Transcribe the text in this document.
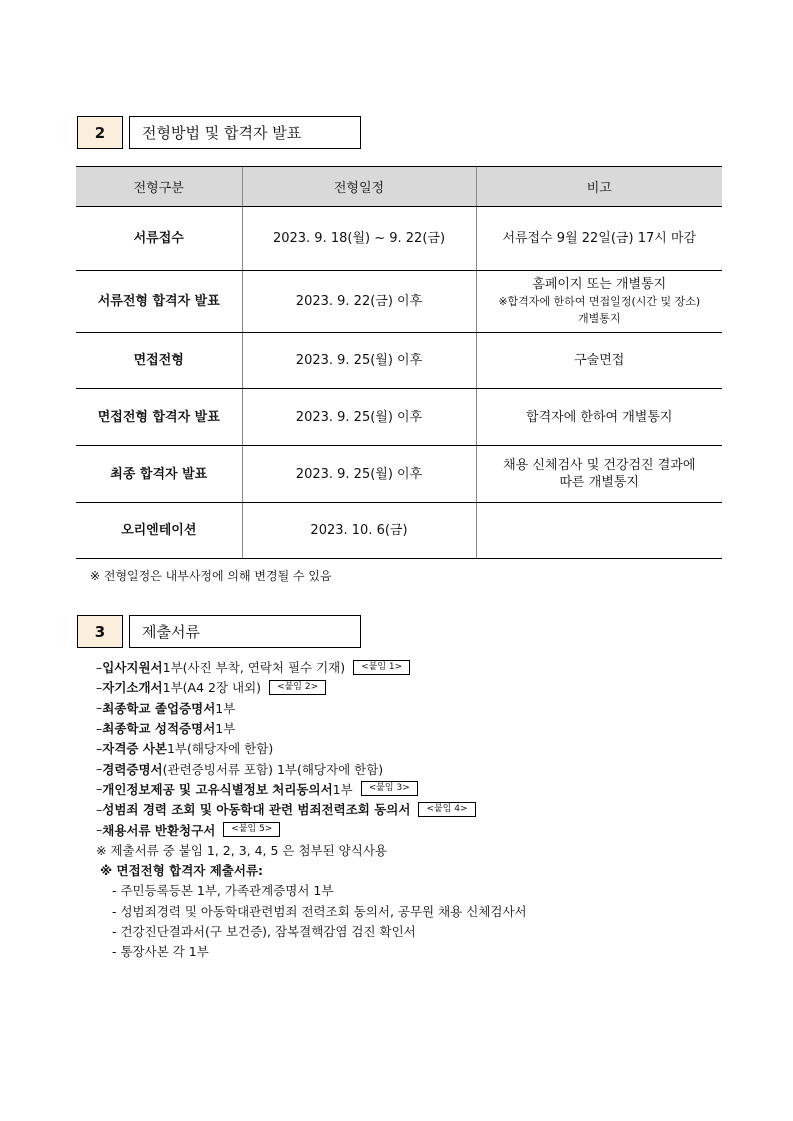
2	전형방법 및 합격자 발표
전형구분	전형일정	비고
서류접수	2023. 9. 18(월) ~ 9. 22(금)	서류접수 9월 22일(금) 17시 마감

서류전형 합격자 발표	2023. 9. 22(금) 이후	홈페이지 또는 개별통지
※합격자에 한하여 면접일정(시간 및 장소)
개별통지

면접전형	2023. 9. 25(월) 이후	구술면접

면접전형 합격자 발표	2023. 9. 25(월) 이후	합격자에 한하여 개별통지

최종 합격자 발표	2023. 9. 25(월) 이후	채용 신체검사 및 건강검진 결과에
따른 개별통지

오리엔테이션	2023. 10. 6(금)	
※ 전형일정은 내부사정에 의해 변경될 수 있음
3	제출서류
– 입사지원서 1부(사진 부착, 연락처 필수 기재)	<붙임 1>
– 자기소개서 1부(A4 2장 내외)	<붙임 2>
– 최종학교 졸업증명서 1부
– 최종학교 성적증명서 1부
– 자격증 사본 1부(해당자에 한함)
– 경력증명서 (관련증빙서류 포함) 1부(해당자에 한함)
– 개인정보제공 및 고유식별정보 처리동의서 1부	<붙임 3>
– 성범죄 경력 조회 및 아동학대 관련 범죄전력조회 동의서	<붙임 4>
– 채용서류 반환청구서	<붙임 5>
※ 제출서류 중 붙임 1, 2, 3, 4, 5 은 첨부된 양식사용
※ 면접전형 합격자 제출서류:
- 주민등록등본 1부, 가족관계증명서 1부
- 성범죄경력 및 아동학대관련범죄 전력조회 동의서, 공무원 채용 신체검사서
- 건강진단결과서(구 보건증), 잠복결핵감염 검진 확인서
- 통장사본 각 1부
